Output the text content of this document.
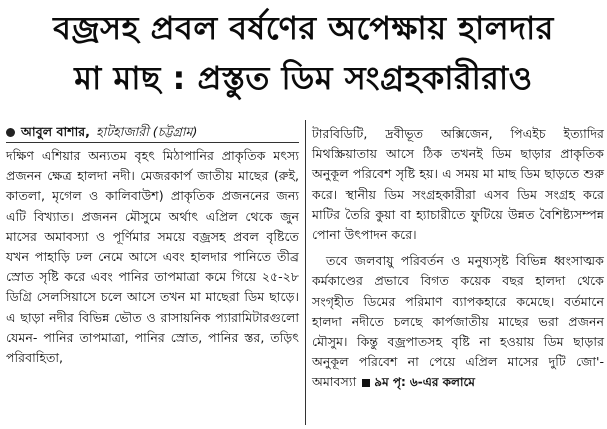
বজ্রসহ প্রবল বর্ষণের অপেক্ষায় হালদার
মা মাছ : প্রস্তুত ডিম সংগ্রহকারীরাও
আবুল বাশার, হাটহাজারী (চট্টগ্রাম)

দক্ষিণ এশিয়ার অন্যতম বৃহৎ মিঠাপানির প্রাকৃতিক মৎস্য প্রজনন ক্ষেত্র হালদা নদী। মেজরকার্প জাতীয় মাছের (রুই, কাতলা, মৃগেল ও কালিবাউশ) প্রাকৃতিক প্রজননের জন্য এটি বিখ্যাত। প্রজনন মৌসুমে অর্থাৎ এপ্রিল থেকে জুন মাসের অমাবস্যা ও পূর্ণিমার সময়ে বজ্রসহ প্রবল বৃষ্টিতে যখন পাহাড়ি ঢল নেমে আসে এবং হালদার পানিতে তীব্র স্রোত সৃষ্টি করে এবং পানির তাপমাত্রা কমে গিয়ে ২৫-২৮ ডিগ্রি সেলসিয়াসে চলে আসে তখন মা মাছেরা ডিম ছাড়ে। এ ছাড়া নদীর বিভিন্ন ভৌত ও রাসায়নিক প্যারামিটারগুলো যেমন- পানির তাপমাত্রা, পানির স্রোত, পানির স্তর, তড়িৎ পরিবাহিতা,

টারবিডিটি, দ্রবীভূত অক্সিজেন, পিএইচ ইত্যাদির মিথস্ক্রিয়াতায় আসে ঠিক তখনই ডিম ছাড়ার প্রাকৃতিক অনুকূল পরিবেশ সৃষ্টি হয়। এ সময় মা মাছ ডিম ছাড়তে শুরু করে। স্থানীয় ডিম সংগ্রহকারীরা এসব ডিম সংগ্রহ করে মাটির তৈরি কুয়া বা হ্যাচারীতে ফুটিয়ে উন্নত বৈশিষ্ট্যসম্পন্ন পোনা উৎপাদন করে।

তবে জলবায়ু পরিবর্তন ও মনুষ্যসৃষ্ট বিভিন্ন ধ্বংসাত্মক কর্মকাণ্ডের প্রভাবে বিগত কয়েক বছর হালদা থেকে সংগৃহীত ডিমের পরিমাণ ব্যাপকহারে কমেছে। বর্তমানে হালদা নদীতে চলছে কার্পজাতীয় মাছের ভরা প্রজনন মৌসুম। কিন্তু বজ্রপাতসহ বৃষ্টি না হওয়ায় ডিম ছাড়ার অনুকূল পরিবেশ না পেয়ে এপ্রিল মাসের দুটি জো'-অমাবস্যা ৯ম পৃ: ৬-এর কলামে
